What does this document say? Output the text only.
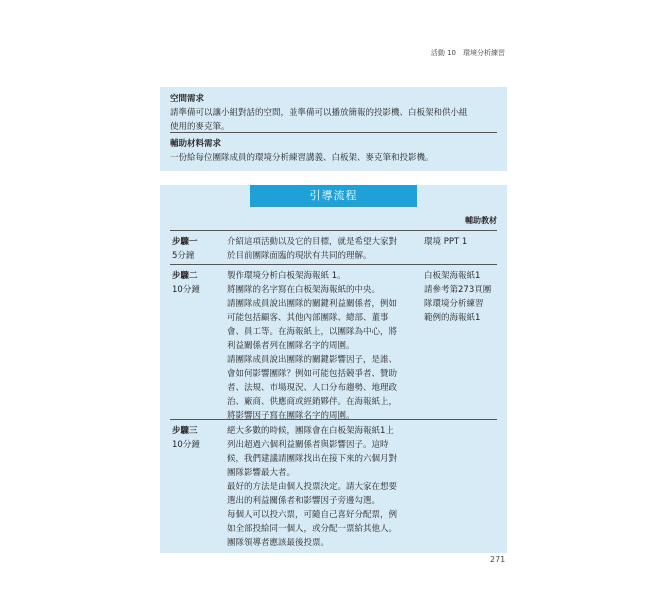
活動 10　環境分析練習
空間需求

請準備可以讓小組對話的空間，並準備可以播放簡報的投影機、白板架和供小組

使用的麥克筆。

輔助材料需求

一份給每位團隊成員的環境分析練習講義、白板架、麥克筆和投影機。

引導流程
輔助教材
步驟一
5分鐘
介紹這項活動以及它的目標，就是希望大家對
於目前團隊面臨的現狀有共同的理解。
環境 PPT 1
步驟二
10分鐘
製作環境分析白板架海報紙 1。
將團隊的名字寫在白板架海報紙的中央。
請團隊成員說出團隊的關鍵利益關係者，例如
可能包括顧客、其他內部團隊、總部、董事
會、員工等。在海報紙上，以團隊為中心，將
利益關係者列在團隊名字的周圍。
請團隊成員說出團隊的關鍵影響因子，是誰、
會如何影響團隊？例如可能包括競爭者、贊助
者、法規、市場現況、人口分布趨勢、地理政
治、廠商、供應商或經銷夥伴。在海報紙上，
將影響因子寫在團隊名字的周圍。
白板架海報紙1
請參考第273頁團
隊環境分析練習
範例的海報紙1
步驟三
10分鐘
絕大多數的時候，團隊會在白板架海報紙1上
列出超過六個利益關係者與影響因子。這時
候，我們建議請團隊找出在接下來的六個月對
團隊影響最大者。
最好的方法是由個人投票決定。請大家在想要
選出的利益關係者和影響因子旁邊勾選。
每個人可以投六票，可隨自己喜好分配票，例
如全部投給同一個人，或分配一票給其他人。
團隊領導者應該最後投票。
271
